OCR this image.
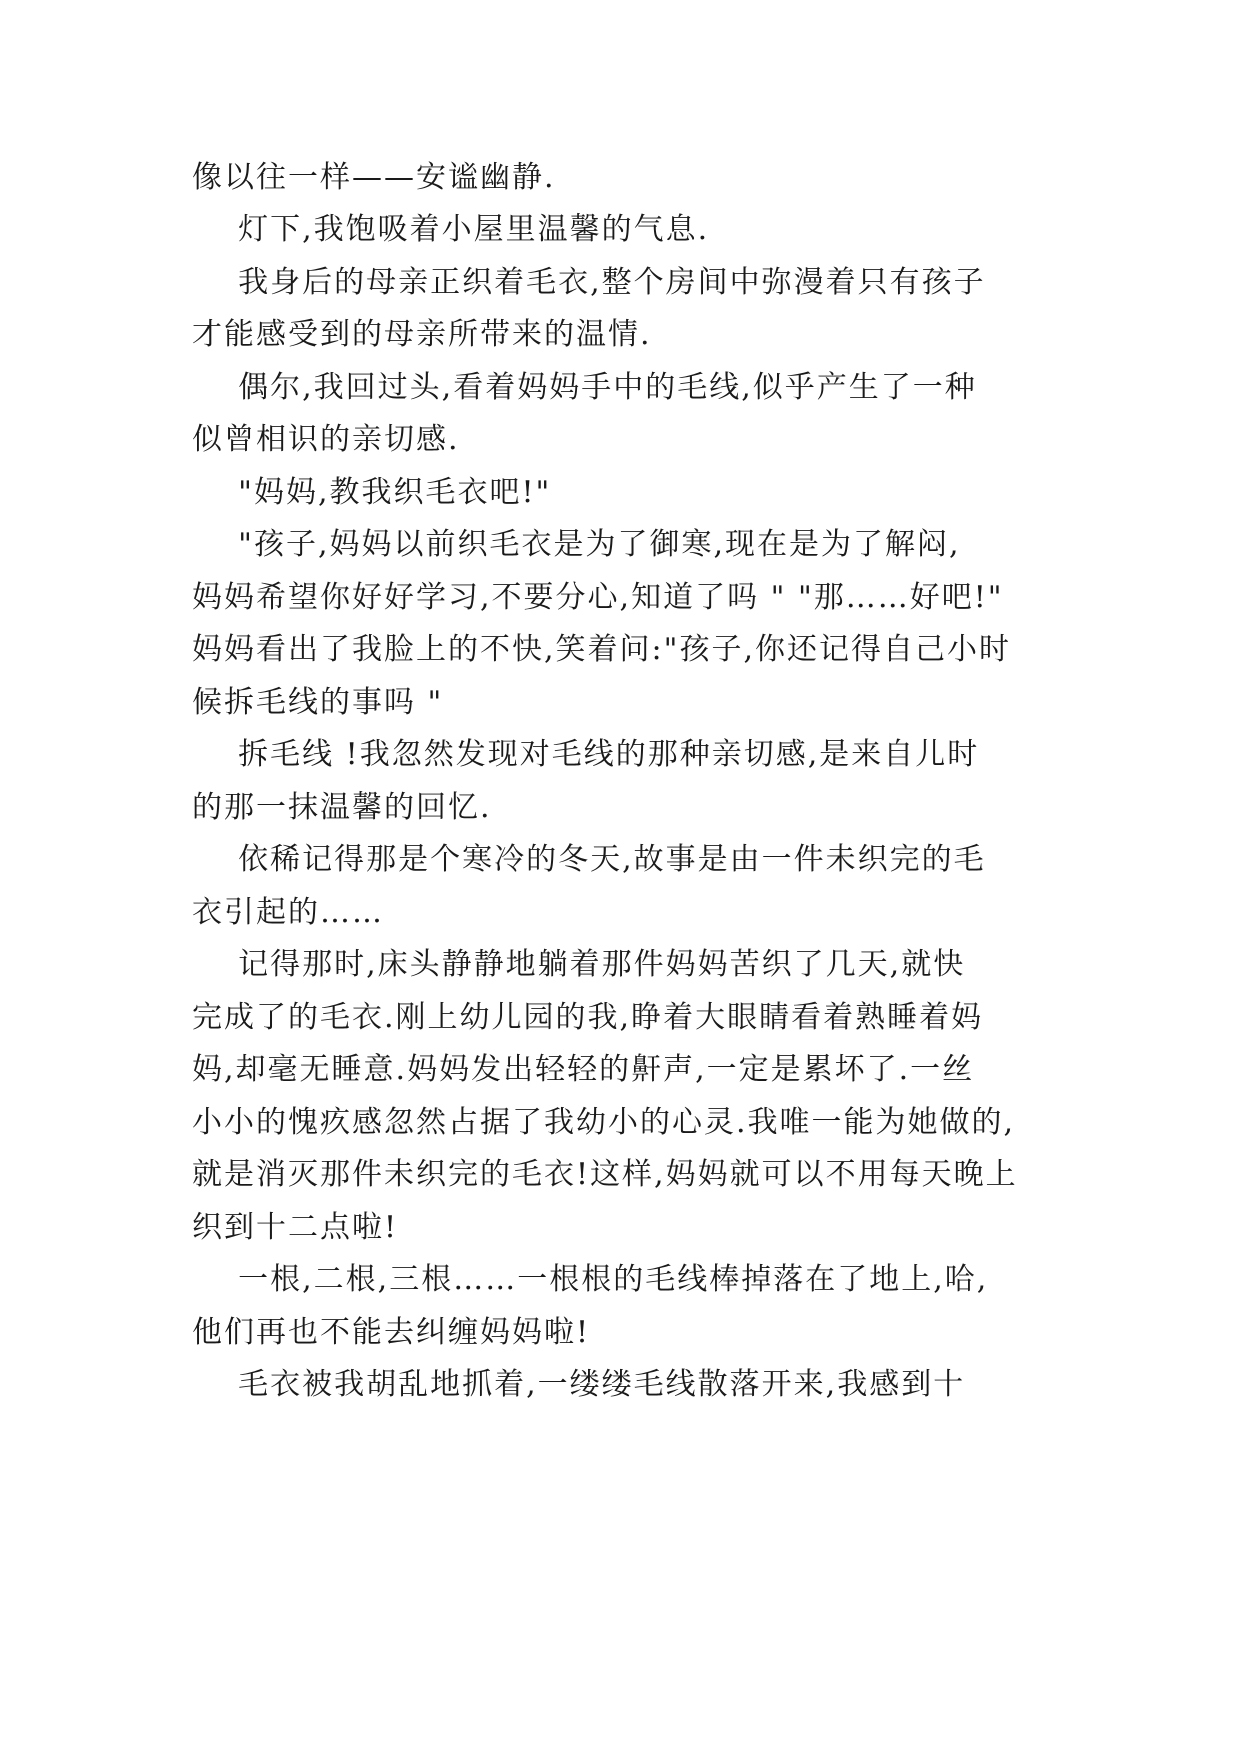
像以往一样——安谧幽静.
灯下,我饱吸着小屋里温馨的气息.
我身后的母亲正织着毛衣,整个房间中弥漫着只有孩子
才能感受到的母亲所带来的温情.
偶尔,我回过头,看着妈妈手中的毛线,似乎产生了一种
似曾相识的亲切感.
"妈妈,教我织毛衣吧!"
"孩子,妈妈以前织毛衣是为了御寒,现在是为了解闷,
妈妈希望你好好学习,不要分心,知道了吗 " "那……好吧!"
妈妈看出了我脸上的不快,笑着问:"孩子,你还记得自己小时
候拆毛线的事吗 "
拆毛线 !我忽然发现对毛线的那种亲切感,是来自儿时
的那一抹温馨的回忆.
依稀记得那是个寒冷的冬天,故事是由一件未织完的毛
衣引起的……
记得那时,床头静静地躺着那件妈妈苦织了几天,就快
完成了的毛衣.刚上幼儿园的我,睁着大眼睛看着熟睡着妈
妈,却毫无睡意.妈妈发出轻轻的鼾声,一定是累坏了.一丝
小小的愧疚感忽然占据了我幼小的心灵.我唯一能为她做的,
就是消灭那件未织完的毛衣!这样,妈妈就可以不用每天晚上
织到十二点啦!
一根,二根,三根……一根根的毛线棒掉落在了地上,哈,
他们再也不能去纠缠妈妈啦!
毛衣被我胡乱地抓着,一缕缕毛线散落开来,我感到十
